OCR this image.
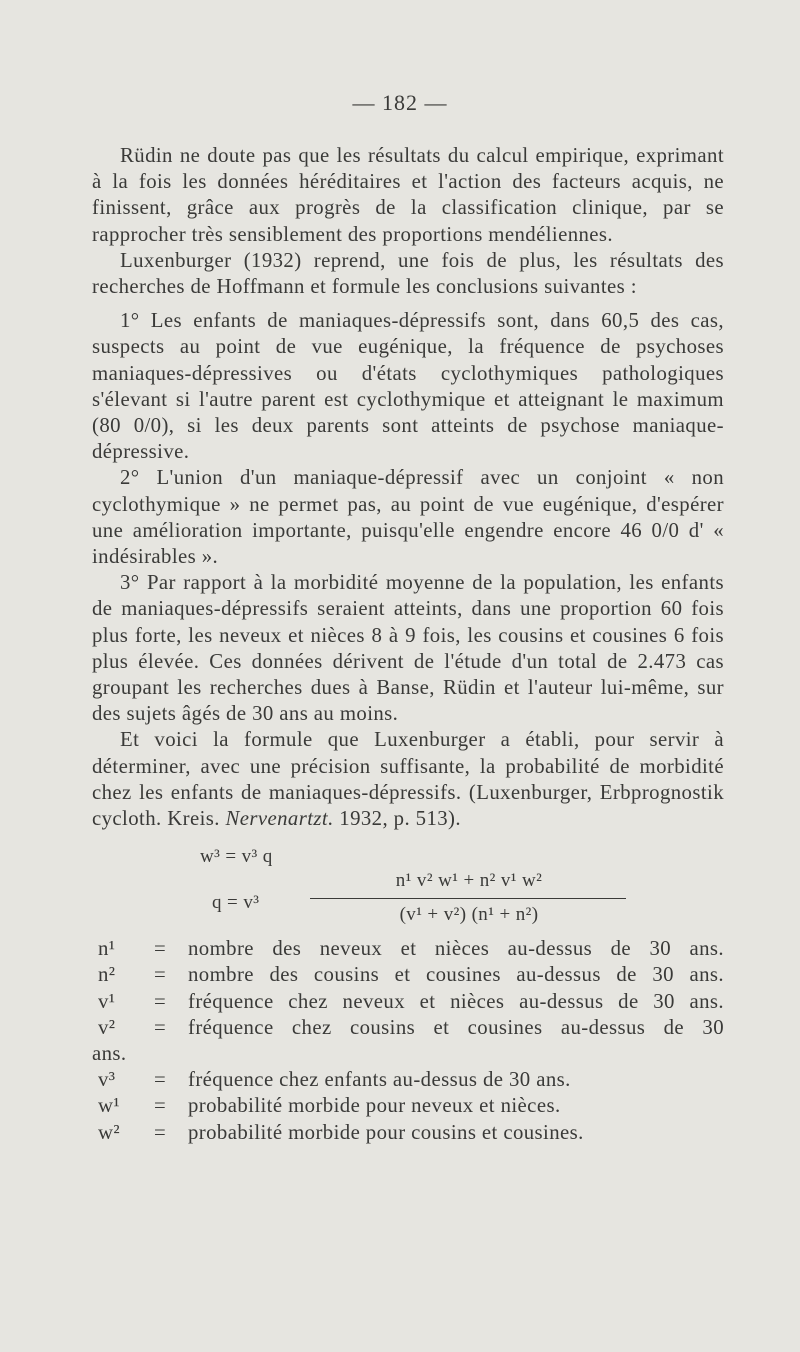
— 182 —

Rüdin ne doute pas que les résultats du calcul empirique, exprimant à la fois les données héréditaires et l'action des facteurs acquis, ne finissent, grâce aux progrès de la classification clinique, par se rapprocher très sensiblement des proportions mendéliennes.

Luxenburger (1932) reprend, une fois de plus, les résultats des recherches de Hoffmann et formule les conclusions suivantes :

1° Les enfants de maniaques-dépressifs sont, dans 60,5 des cas, suspects au point de vue eugénique, la fréquence de psychoses maniaques-dépressives ou d'états cyclothymiques pathologiques s'élevant si l'autre parent est cyclothymique et atteignant le maximum (80 0/0), si les deux parents sont atteints de psychose maniaque-dépressive.

2° L'union d'un maniaque-dépressif avec un conjoint « non cyclothymique » ne permet pas, au point de vue eugénique, d'espérer une amélioration importante, puisqu'elle engendre encore 46 0/0 d' « indésirables ».

3° Par rapport à la morbidité moyenne de la population, les enfants de maniaques-dépressifs seraient atteints, dans une proportion 60 fois plus forte, les neveux et nièces 8 à 9 fois, les cousins et cousines 6 fois plus élevée. Ces données dérivent de l'étude d'un total de 2.473 cas groupant les recherches dues à Banse, Rüdin et l'auteur lui-même, sur des sujets âgés de 30 ans au moins.

Et voici la formule que Luxenburger a établi, pour servir à déterminer, avec une précision suffisante, la probabilité de morbidité chez les enfants de maniaques-dépressifs. (Luxenburger, Erbprognostik cycloth. Kreis. Nervenartzt. 1932, p. 513).

w³ = v³ q
q = v³
n¹ v² w¹ + n² v¹ w²
(v¹ + v²) (n¹ + n²)
n¹ = nombre des neveux et nièces au-dessus de 30 ans.
n² = nombre des cousins et cousines au-dessus de 30 ans.
v¹ = fréquence chez neveux et nièces au-dessus de 30 ans.
v² = fréquence chez cousins et cousines au-dessus de 30
ans.
v³ = fréquence chez enfants au-dessus de 30 ans.
w¹ = probabilité morbide pour neveux et nièces.
w² = probabilité morbide pour cousins et cousines.
